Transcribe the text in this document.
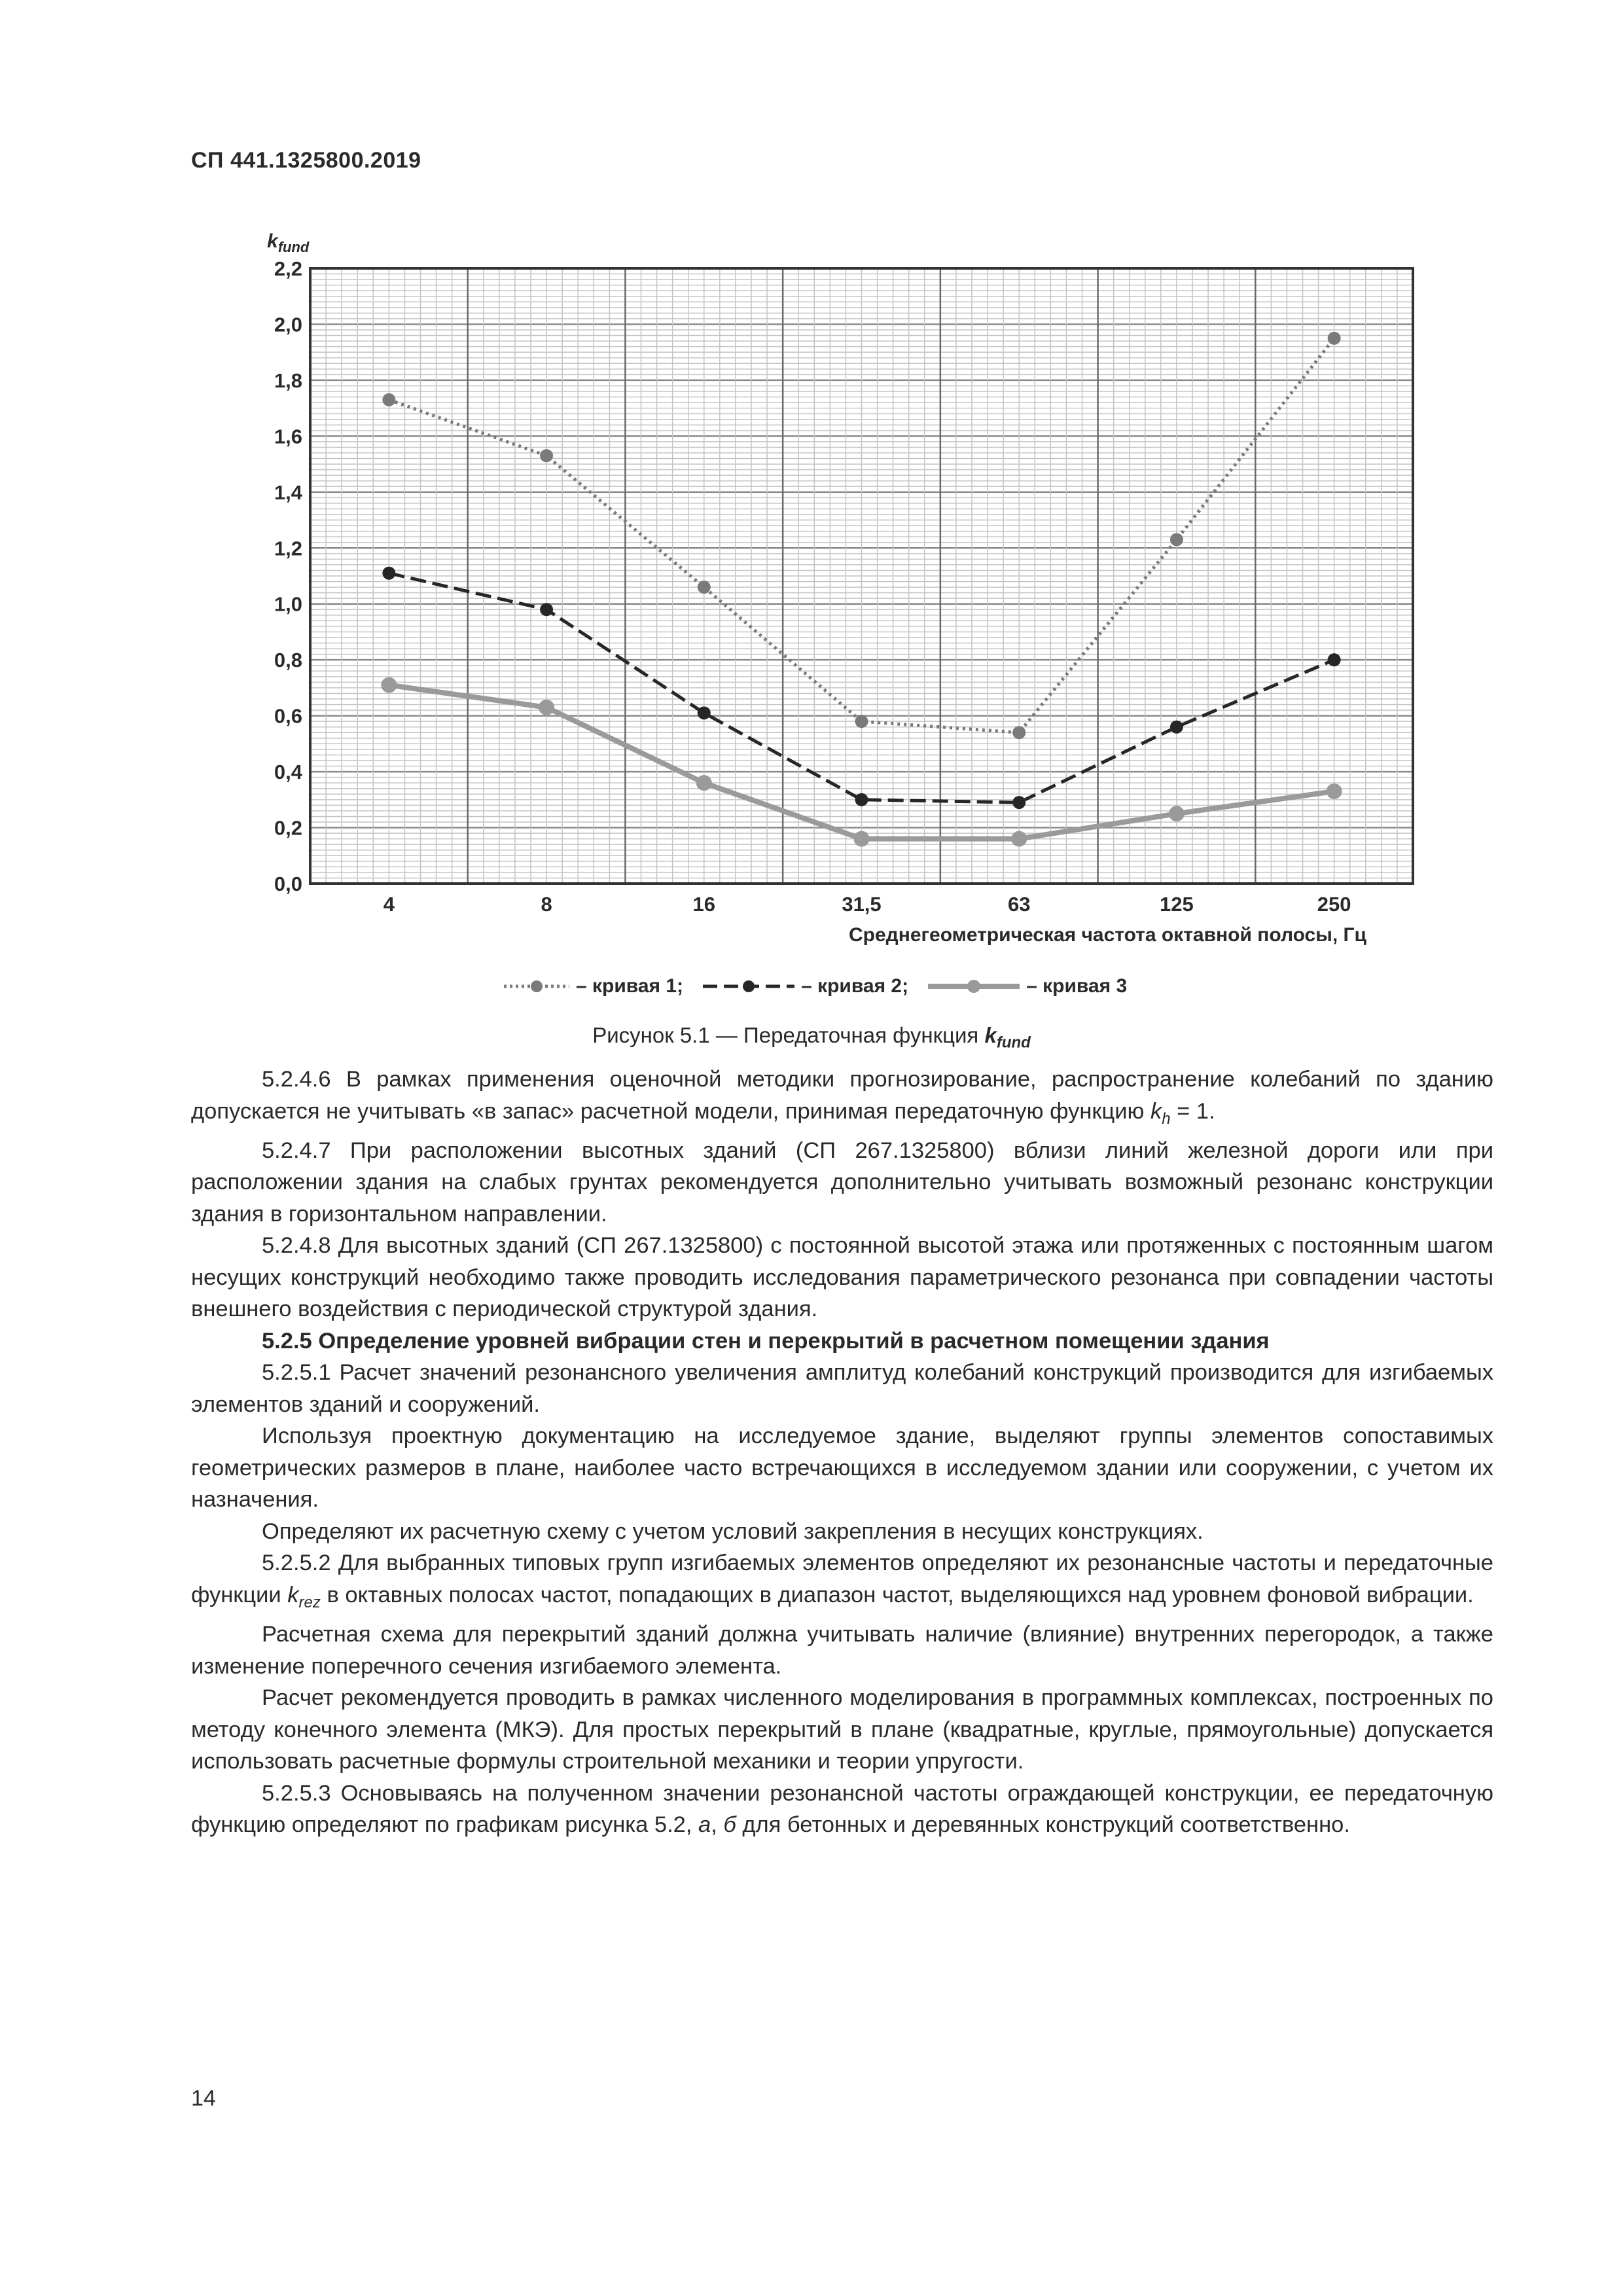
СП 441.1325800.2019
$k_{fund}$
0,0
0,2
0,4
0,6
0,8
1,0
1,2
1,4
1,6
1,8
2,0
2,2
4	8	16	31,5	63	125	250
Среднегеометрическая частота октавной полосы, Гц
– кривая 1;	– кривая 2;	– кривая 3
Рисунок 5.1 — Передаточная функция $k_{fund}$

5.2.4.6 В рамках применения оценочной методики прогнозирование, распространение колебаний по зданию допускается не учитывать «в запас» расчетной модели, принимая передаточную функцию $k_h = 1$.

5.2.4.7 При расположении высотных зданий (СП 267.1325800) вблизи линий железной дороги или при расположении здания на слабых грунтах рекомендуется дополнительно учитывать возможный резонанс конструкции здания в горизонтальном направлении.

5.2.4.8 Для высотных зданий (СП 267.1325800) с постоянной высотой этажа или протяженных с постоянным шагом несущих конструкций необходимо также проводить исследования параметрического резонанса при совпадении частоты внешнего воздействия с периодической структурой здания.

5.2.5 Определение уровней вибрации стен и перекрытий в расчетном помещении здания

5.2.5.1 Расчет значений резонансного увеличения амплитуд колебаний конструкций производится для изгибаемых элементов зданий и сооружений.

Используя проектную документацию на исследуемое здание, выделяют группы элементов сопоставимых геометрических размеров в плане, наиболее часто встречающихся в исследуемом здании или сооружении, с учетом их назначения.

Определяют их расчетную схему с учетом условий закрепления в несущих конструкциях.

5.2.5.2 Для выбранных типовых групп изгибаемых элементов определяют их резонансные частоты и передаточные функции $k_{rez}$ в октавных полосах частот, попадающих в диапазон частот, выделяющихся над уровнем фоновой вибрации.

Расчетная схема для перекрытий зданий должна учитывать наличие (влияние) внутренних перегородок, а также изменение поперечного сечения изгибаемого элемента.

Расчет рекомендуется проводить в рамках численного моделирования в программных комплексах, построенных по методу конечного элемента (МКЭ). Для простых перекрытий в плане (квадратные, круглые, прямоугольные) допускается использовать расчетные формулы строительной механики и теории упругости.

5.2.5.3 Основываясь на полученном значении резонансной частоты ограждающей конструкции, ее передаточную функцию определяют по графикам рисунка 5.2, а, б для бетонных и деревянных конструкций соответственно.

14
